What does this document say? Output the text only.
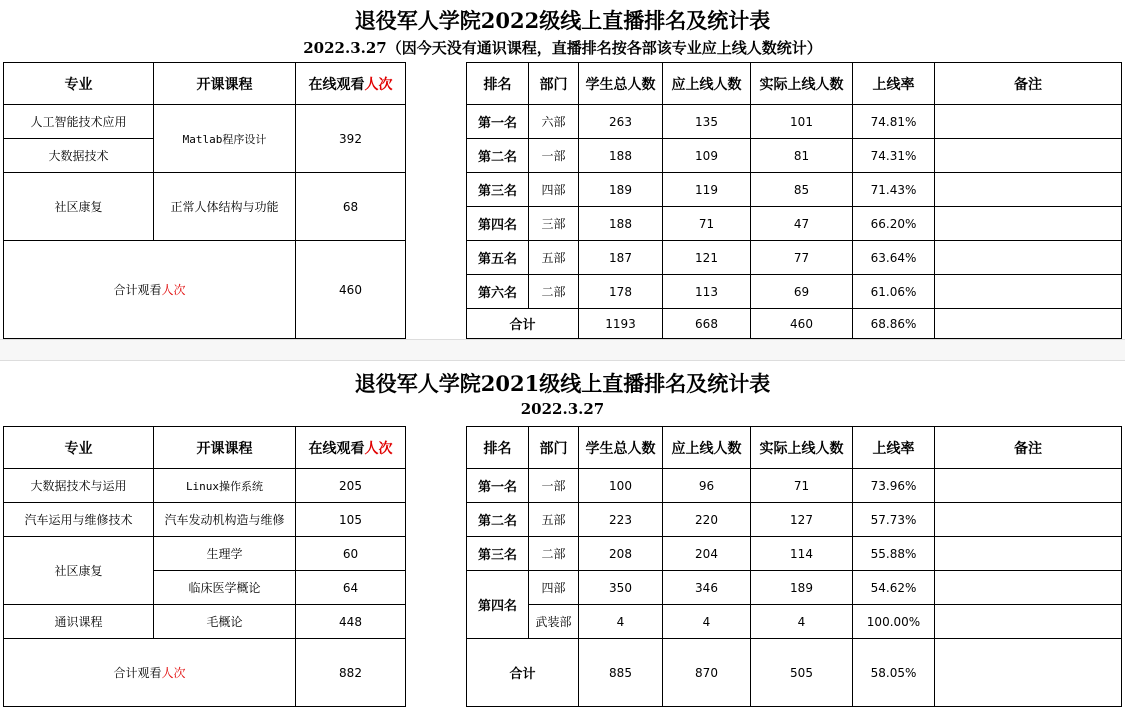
退役军人学院2022级线上直播排名及统计表
2022.3.27（因今天没有通识课程，直播排名按各部该专业应上线人数统计）
专业	开课课程	在线观看人次
人工智能技术应用	Matlab程序设计	392
大数据技术		
社区康复	正常人体结构与功能	68
合计观看人次		460
排名	部门	学生总人数	应上线人数	实际上线人数	上线率	备注
第一名	六部	263	135	101	74.81%	
第二名	一部	188	109	81	74.31%	
第三名	四部	189	119	85	71.43%	
第四名	三部	188	71	47	66.20%	
第五名	五部	187	121	77	63.64%	
第六名	二部	178	113	69	61.06%	
合计		1193	668	460	68.86%	
退役军人学院2021级线上直播排名及统计表
2022.3.27
专业	开课课程	在线观看人次
大数据技术与运用	Linux操作系统	205
汽车运用与维修技术	汽车发动机构造与维修	105
社区康复	生理学	60
	临床医学概论	64
通识课程	毛概论	448
合计观看人次		882
排名	部门	学生总人数	应上线人数	实际上线人数	上线率	备注
第一名	一部	100	96	71	73.96%	
第二名	五部	223	220	127	57.73%	
第三名	二部	208	204	114	55.88%	
第四名	四部	350	346	189	54.62%	
	武装部	4	4	4	100.00%	
合计		885	870	505	58.05%	
